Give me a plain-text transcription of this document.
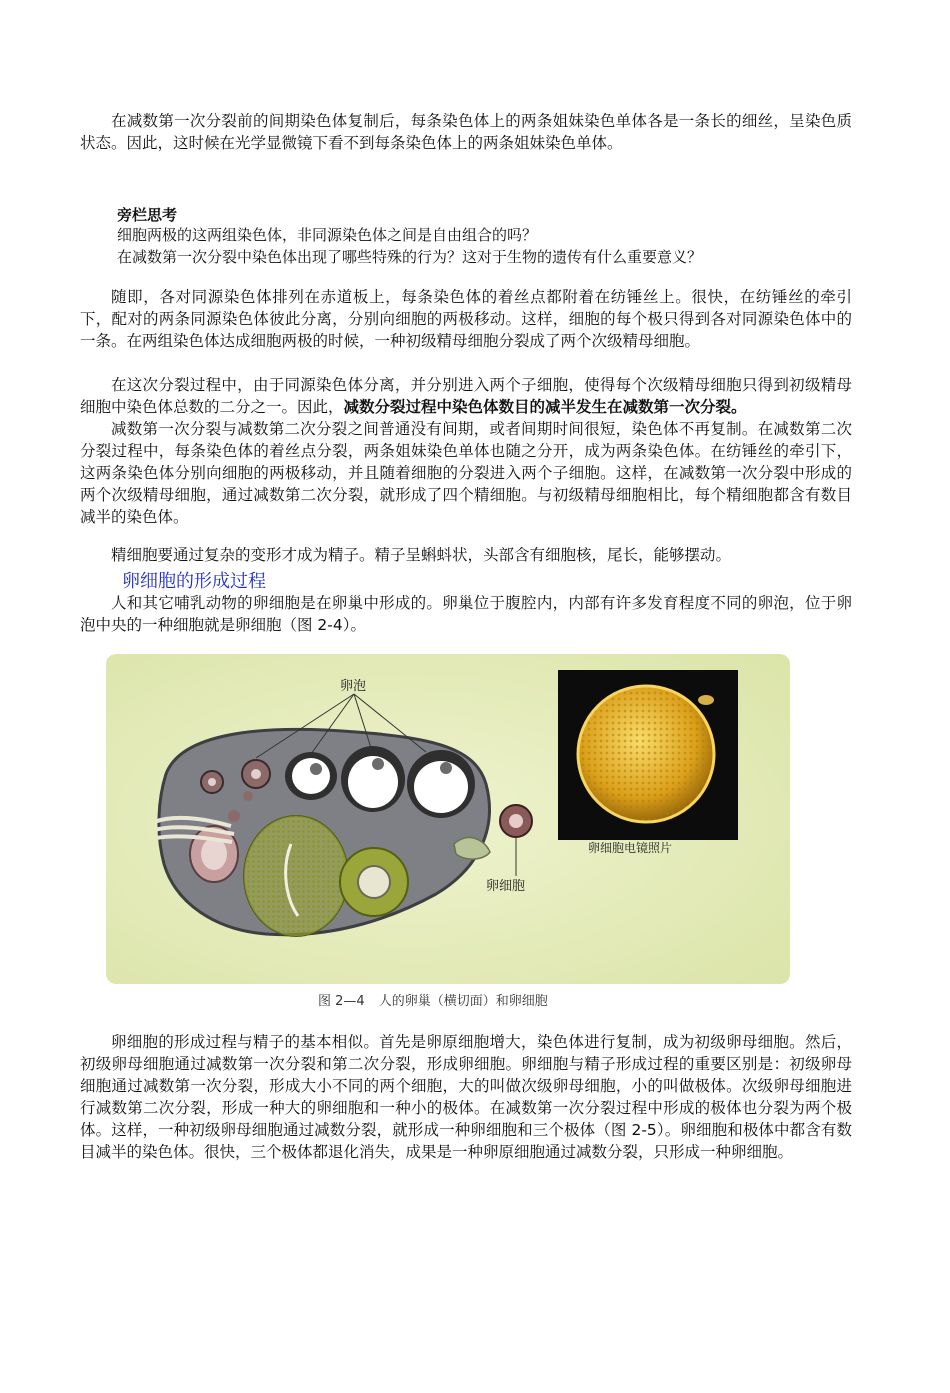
在减数第一次分裂前的间期染色体复制后，每条染色体上的两条姐妹染色单体各是一条长的细丝，呈染色质状态。因此，这时候在光学显微镜下看不到每条染色体上的两条姐妹染色单体。

旁栏思考

细胞两极的这两组染色体，非同源染色体之间是自由组合的吗？

在减数第一次分裂中染色体出现了哪些特殊的行为？这对于生物的遗传有什么重要意义？

随即，各对同源染色体排列在赤道板上，每条染色体的着丝点都附着在纺锤丝上。很快，在纺锤丝的牵引下，配对的两条同源染色体彼此分离，分别向细胞的两极移动。这样，细胞的每个极只得到各对同源染色体中的一条。在两组染色体达成细胞两极的时候，一种初级精母细胞分裂成了两个次级精母细胞。

在这次分裂过程中，由于同源染色体分离，并分别进入两个子细胞，使得每个次级精母细胞只得到初级精母细胞中染色体总数的二分之一。因此，减数分裂过程中染色体数目的减半发生在减数第一次分裂。

减数第一次分裂与减数第二次分裂之间普通没有间期，或者间期时间很短，染色体不再复制。在减数第二次分裂过程中，每条染色体的着丝点分裂，两条姐妹染色单体也随之分开，成为两条染色体。在纺锤丝的牵引下，这两条染色体分别向细胞的两极移动，并且随着细胞的分裂进入两个子细胞。这样，在减数第一次分裂中形成的两个次级精母细胞，通过减数第二次分裂，就形成了四个精细胞。与初级精母细胞相比，每个精细胞都含有数目减半的染色体。

精细胞要通过复杂的变形才成为精子。精子呈蝌蚪状，头部含有细胞核，尾长，能够摆动。

卵细胞的形成过程

人和其它哺乳动物的卵细胞是在卵巢中形成的。卵巢位于腹腔内，内部有许多发育程度不同的卵泡，位于卵泡中央的一种细胞就是卵细胞（图 2-4）。

卵泡
卵细胞
卵细胞电镜照片

图 2—4 人的卵巢（横切面）和卵细胞

卵细胞的形成过程与精子的基本相似。首先是卵原细胞增大，染色体进行复制，成为初级卵母细胞。然后，初级卵母细胞通过减数第一次分裂和第二次分裂，形成卵细胞。卵细胞与精子形成过程的重要区别是：初级卵母细胞通过减数第一次分裂，形成大小不同的两个细胞，大的叫做次级卵母细胞，小的叫做极体。次级卵母细胞进行减数第二次分裂，形成一种大的卵细胞和一种小的极体。在减数第一次分裂过程中形成的极体也分裂为两个极体。这样，一种初级卵母细胞通过减数分裂，就形成一种卵细胞和三个极体（图 2-5）。卵细胞和极体中都含有数目减半的染色体。很快，三个极体都退化消失，成果是一种卵原细胞通过减数分裂，只形成一种卵细胞。
